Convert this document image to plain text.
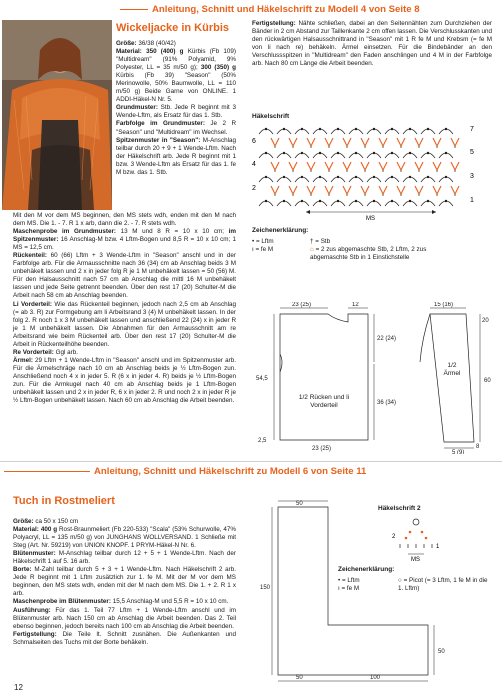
Anleitung, Schnitt und Häkelschrift zu Modell 4 von Seite 8
Wickeljacke in Kürbis
Größe: 36/38 (40/42)
Material: 350 (400) g Kürbis (Fb 109) "Multidream" (91% Polyamid, 9% Polyester, LL = 35 m/50 g); 300 (350) g Kürbis (Fb 39) "Season" (50% Merinowolle, 50% Baumwolle, LL = 110 m/50 g) Beide Garne von ONLINE. 1 ADDI-Häkel-N Nr. 5.
Grundmuster: Stb. Jede R beginnt mit 3 Wende-Lftm, als Ersatz für das 1. Stb.
Farbfolge im Grundmuster: Je 2 R "Season" und "Multidream" im Wechsel.
Spitzenmuster in "Season": M-Anschlag teilbar durch 20 + 9 + 1 Wende-Lftm. Nach der Häkelschrift arb. Jede R beginnt mit 1 bzw. 3 Wende-Lftm als Ersatz für das 1. fe M bzw. das 1. Stb.
Mit den M vor dem MS beginnen, den MS stets wdh, enden mit den M nach dem MS. Die 1. - 7. R 1 x arb, dann die 2. - 7. R stets wdh.
Maschenprobe im Grundmuster: 13 M und 8 R = 10 x 10 cm; im Spitzenmuster: 16 Anschlag-M bzw. 4 Lftm-Bogen und 8,5 R = 10 x 10 cm; 1 MS = 12,5 cm.
Rückenteil: 60 (66) Lftm + 3 Wende-Lftm in "Season" anschl und in der Farbfolge arb. Für die Armausschnitte nach 36 (34) cm ab Anschlag beids 3 M unbehäkelt lassen und 2 x in jeder folg R je 1 M unbehäkelt lassen = 50 (56) M. Für den Halsausschnitt nach 57 cm ab Anschlag die mittl 16 M unbehäkelt lassen und jede Seite getrennt beenden. Über den rest 17 (20) Schulter-M die Arbeit nach 58 cm ab Anschlag beenden.
Li Vorderteil: Wie das Rückenteil beginnen, jedoch nach 2,5 cm ab Anschlag (= ab 3. R) zur Formgebung am li Arbeitsrand 3 (4) M unbehäkelt lassen. In der folg 2. R noch 1 x 3 M unbehäkelt lassen und anschließend 22 (24) x in jeder R je 1 M unbehäkelt lassen. Die Abnahmen für den Armausschnitt am re Arbeitsrand wie beim Rückenteil arb. Über den rest 17 (20) Schulter-M die Arbeit in Rückenteilhöhe beenden.
Re Vorderteil: Ggl arb.
Ärmel: 29 Lftm + 1 Wende-Lftm in "Season" anschl und im Spitzenmuster arb. Für die Ärmelschräge nach 10 cm ab Anschlag beids je ½ Lftm-Bogen zun. Anschließend noch 4 x in jeder 5. R (6 x in jeder 4. R) beids je ½ Lftm-Bogen zun. Für die Armkugel nach 40 cm ab Anschlag beids je 1 Lftm-Bogen unbehäkelt lassen und 2 x in jeder R, 6 x in jeder 2. R und noch 2 x in jeder R je ½ Lftm-Bogen unbehäkelt lassen. Nach 60 cm ab Anschlag die Arbeit beenden.
Fertigstellung: Nähte schließen, dabei an den Seitennähten zum Durchziehen der Bänder in 2 cm Abstand zur Taillenkante 2 cm offen lassen. Die Verschlusskanten und den rückwärtigen Halsausschnittrand in "Season" mit 1 R fe M und Krebsm (= fe M von li nach re) behäkeln. Ärmel einsetzen. Für die Bindebänder an den Verschlussspitzen in "Multidream" den Faden anschlingen und 4 M in der Farbfolge arb. Nach 80 cm Länge die Arbeit beenden.
Häkelschrift
MS
7
6
5
4
3
2
1
Zeichenerklärung:
• = Lftm
ı = fe M
† = Stb
⌂ = 2 zus abgemaschte Stb, 2 Lftm, 2 zus abgemaschte Stb in 1 Einstichstelle
23 (25)	12
22 (24)
36 (34)
54,5
23 (25)
2,5
15 (16)
20
60
5 (9)
8
1/2 Rücken und li Vorderteil
1/2 Ärmel
Anleitung, Schnitt und Häkelschrift zu Modell 6 von Seite 11
Tuch in Rostmeliert
Größe: ca 50 x 150 cm
Material: 400 g Rost-Braunmeliert (Fb 220-533) "Scala" (53% Schurwolle, 47% Polyacryl, LL = 135 m/50 g) von JUNGHANS WOLLVERSAND. 1 Schließe mit Steg (Art. Nr. 59219) von UNION KNOPF. 1 PRYM-Häkel-N Nr. 6.
Blütenmuster: M-Anschlag teilbar durch 12 + 5 + 1 Wende-Lftm. Nach der Häkelschrift 1 auf 5. 16 arb.
Borte: M-Zahl teilbar durch 5 + 3 + 1 Wende-Lftm. Nach Häkelschrift 2 arb. Jede R beginnt mit 1 Lftm zusätzlich zur 1. fe M. Mit der M vor dem MS beginnen, den MS stets wdh, enden mit der M nach dem MS. Die 1. + 2. R 1 x arb.
Maschenprobe im Blütenmuster: 15,5 Anschlag-M und 5,5 R = 10 x 10 cm.
Ausführung: Für das 1. Teil 77 Lftm + 1 Wende-Lftm anschl und im Blütenmuster arb. Nach 150 cm ab Anschlag die Arbeit beenden. Das 2. Teil ebenso beginnen, jedoch bereits nach 100 cm ab Anschlag die Arbeit beenden.
Fertigstellung: Die Teile lt. Schnitt zusnähen. Die Außenkanten und Schmalseiten des Tuchs mit der Borte behäkeln.
50
150
50
50	100
Häkelschrift 2
2
1
MS
Zeichenerklärung:
• = Lftm
ı = fe M
○ = Picot (= 3 Lftm, 1 fe M in die 1. Lftm)
12
